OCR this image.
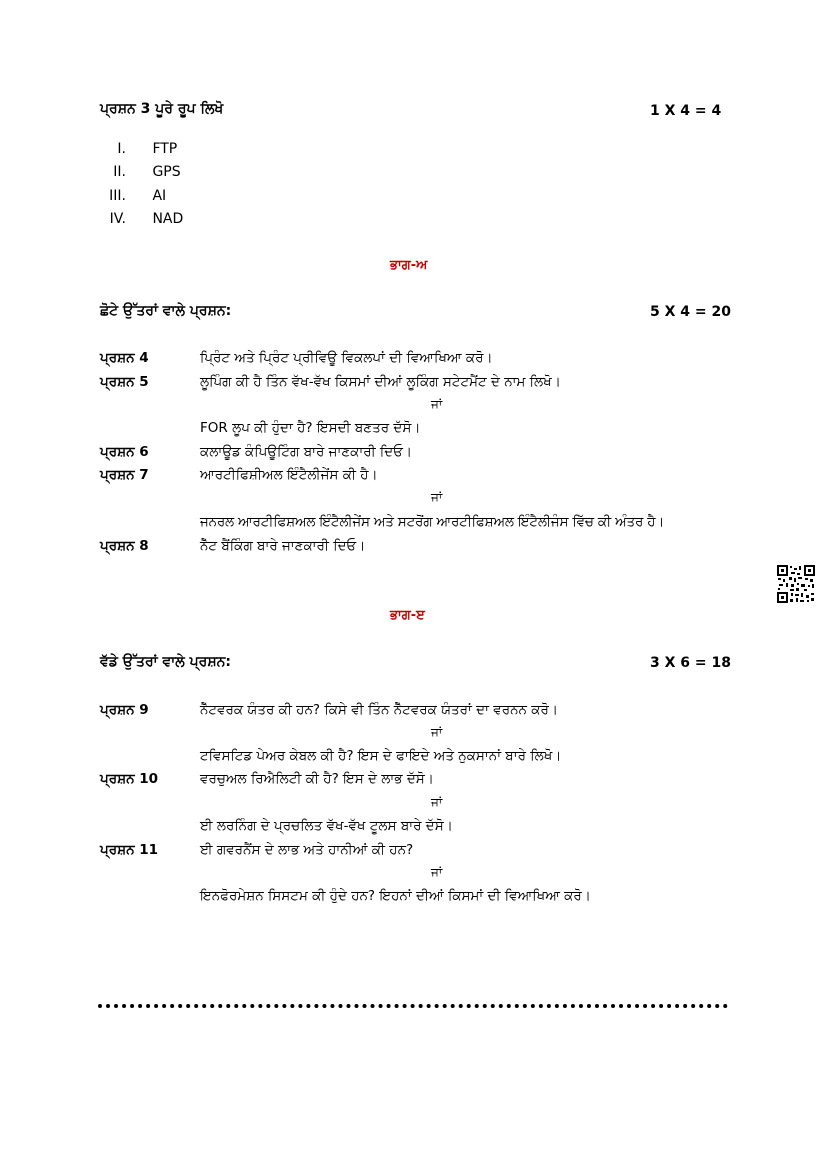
ਪ੍ਰਸ਼ਨ 3 ਪੂਰੇ ਰੂਪ ਲਿਖੋ	1 X 4 = 4
I. FTP
II. GPS
III. AI
IV. NAD
ਭਾਗ-ਅ
ਛੋਟੇ ਉੱਤਰਾਂ ਵਾਲੇ ਪ੍ਰਸ਼ਨ:	5 X 4 = 20
ਪ੍ਰਸ਼ਨ 4	ਪ੍ਰਿੰਟ ਅਤੇ ਪ੍ਰਿੰਟ ਪ੍ਰੀਵਿਊ ਵਿਕਲਪਾਂ ਦੀ ਵਿਆਖਿਆ ਕਰੋ।
ਪ੍ਰਸ਼ਨ 5	ਲੂਪਿੰਗ ਕੀ ਹੈ ਤਿੰਨ ਵੱਖ-ਵੱਖ ਕਿਸਮਾਂ ਦੀਆਂ ਲੂਕਿੰਗ ਸਟੇਟਮੈਂਟ ਦੇ ਨਾਮ ਲਿਖੋ।
ਜਾਂ
FOR ਲੂਪ ਕੀ ਹੁੰਦਾ ਹੈ? ਇਸਦੀ ਬਣਤਰ ਦੱਸੋ।
ਪ੍ਰਸ਼ਨ 6	ਕਲਾਊਡ ਕੰਪਿਊਟਿੰਗ ਬਾਰੇ ਜਾਣਕਾਰੀ ਦਿਓ।
ਪ੍ਰਸ਼ਨ 7	ਆਰਟੀਫਿਸ਼ੀਅਲ ਇੰਟੈਲੀਜੇਂਸ ਕੀ ਹੈ।
ਜਾਂ
ਜਨਰਲ ਆਰਟੀਫਿਸ਼ਅਲ ਇੰਟੈਲੀਜੇਂਸ ਅਤੇ ਸਟਰੋਂਗ ਆਰਟੀਫਿਸ਼ਅਲ ਇੰਟੈਲੀਜੰਸ ਵਿੱਚ ਕੀ ਅੰਤਰ ਹੈ।
ਪ੍ਰਸ਼ਨ 8	ਨੈੱਟ ਬੈਂਕਿੰਗ ਬਾਰੇ ਜਾਣਕਾਰੀ ਦਿਓ।
ਭਾਗ-ੲ
ਵੱਡੇ ਉੱਤਰਾਂ ਵਾਲੇ ਪ੍ਰਸ਼ਨ:	3 X 6 = 18
ਪ੍ਰਸ਼ਨ 9	ਨੈੱਟਵਰਕ ਯੰਤਰ ਕੀ ਹਨ? ਕਿਸੇ ਵੀ ਤਿੰਨ ਨੈੱਟਵਰਕ ਯੰਤਰਾਂ ਦਾ ਵਰਨਨ ਕਰੋ।
ਜਾਂ
ਟਵਿਸਟਿਡ ਪੇਅਰ ਕੇਬਲ ਕੀ ਹੈ? ਇਸ ਦੇ ਫਾਇਦੇ ਅਤੇ ਨੁਕਸਾਨਾਂ ਬਾਰੇ ਲਿਖੋ।
ਪ੍ਰਸ਼ਨ 10	ਵਰਚੁਅਲ ਰਿਐਲਿਟੀ ਕੀ ਹੈ? ਇਸ ਦੇ ਲਾਭ ਦੱਸੋ।
ਜਾਂ
ਈ ਲਰਨਿੰਗ ਦੇ ਪ੍ਰਚਲਿਤ ਵੱਖ-ਵੱਖ ਟੂਲਸ ਬਾਰੇ ਦੱਸੋ।
ਪ੍ਰਸ਼ਨ 11	ਈ ਗਵਰਨੈਂਸ ਦੇ ਲਾਭ ਅਤੇ ਹਾਨੀਆਂ ਕੀ ਹਨ?
ਜਾਂ
ਇਨਫੋਰਮੇਸ਼ਨ ਸਿਸਟਮ ਕੀ ਹੁੰਦੇ ਹਨ? ਇਹਨਾਂ ਦੀਆਂ ਕਿਸਮਾਂ ਦੀ ਵਿਆਖਿਆ ਕਰੋ।
